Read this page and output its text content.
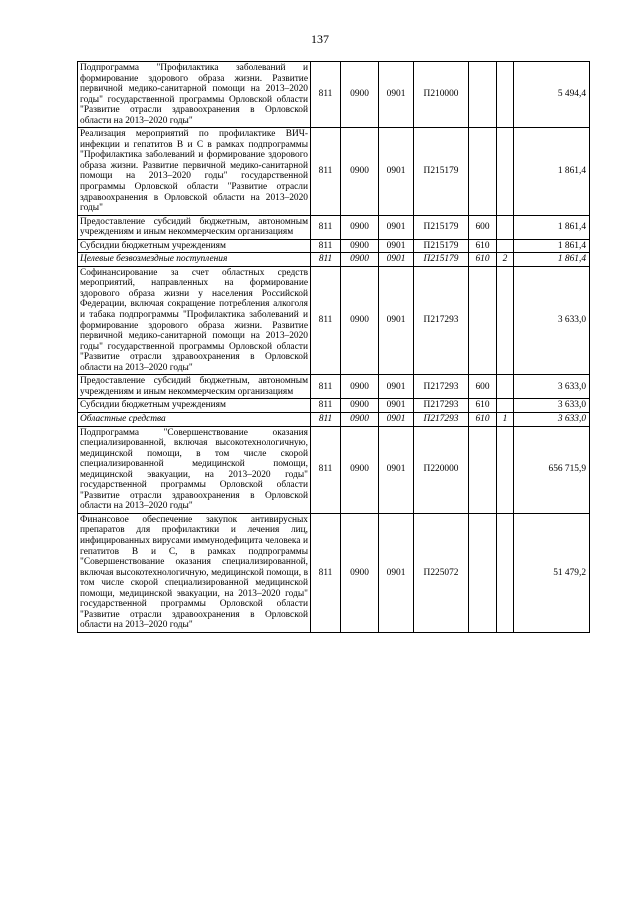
137
Подпрограмма "Профилактика заболеваний и формирование здорового образа жизни. Развитие первичной медико-санитарной помощи на 2013–2020 годы" государственной программы Орловской области "Развитие отрасли здравоохранения в Орловской области на 2013–2020 годы"	811	0900	0901	П210000			5 494,4
Реализация мероприятий по профилактике ВИЧ-инфекции и гепатитов В и С в рамках подпрограммы "Профилактика заболеваний и формирование здорового образа жизни. Развитие первичной медико-санитарной помощи на 2013–2020 годы" государственной программы Орловской области "Развитие отрасли здравоохранения в Орловской области на 2013–2020 годы"	811	0900	0901	П215179			1 861,4
Предоставление субсидий бюджетным, автономным учреждениям и иным некоммерческим организациям	811	0900	0901	П215179	600		1 861,4
Субсидии бюджетным учреждениям	811	0900	0901	П215179	610		1 861,4
Целевые безвозмездные поступления	811	0900	0901	П215179	610	2	1 861,4
Софинансирование за счет областных средств мероприятий, направленных на формирование здорового образа жизни у населения Российской Федерации, включая сокращение потребления алкоголя и табака подпрограммы "Профилактика заболеваний и формирование здорового образа жизни. Развитие первичной медико-санитарной помощи на 2013–2020 годы" государственной программы Орловской области "Развитие отрасли здравоохранения в Орловской области на 2013–2020 годы"	811	0900	0901	П217293			3 633,0
Предоставление субсидий бюджетным, автономным учреждениям и иным некоммерческим организациям	811	0900	0901	П217293	600		3 633,0
Субсидии бюджетным учреждениям	811	0900	0901	П217293	610		3 633,0
Областные средства	811	0900	0901	П217293	610	1	3 633,0
Подпрограмма "Совершенствование оказания специализированной, включая высокотехнологичную, медицинской помощи, в том числе скорой специализированной медицинской помощи, медицинской эвакуации, на 2013–2020 годы" государственной программы Орловской области "Развитие отрасли здравоохранения в Орловской области на 2013–2020 годы"	811	0900	0901	П220000			656 715,9
Финансовое обеспечение закупок антивирусных препаратов для профилактики и лечения лиц, инфицированных вирусами иммунодефицита человека и гепатитов В и С, в рамках подпрограммы "Совершенствование оказания специализированной, включая высокотехнологичную, медицинской помощи, в том числе скорой специализированной медицинской помощи, медицинской эвакуации, на 2013–2020 годы" государственной программы Орловской области "Развитие отрасли здравоохранения в Орловской области на 2013–2020 годы"	811	0900	0901	П225072			51 479,2
